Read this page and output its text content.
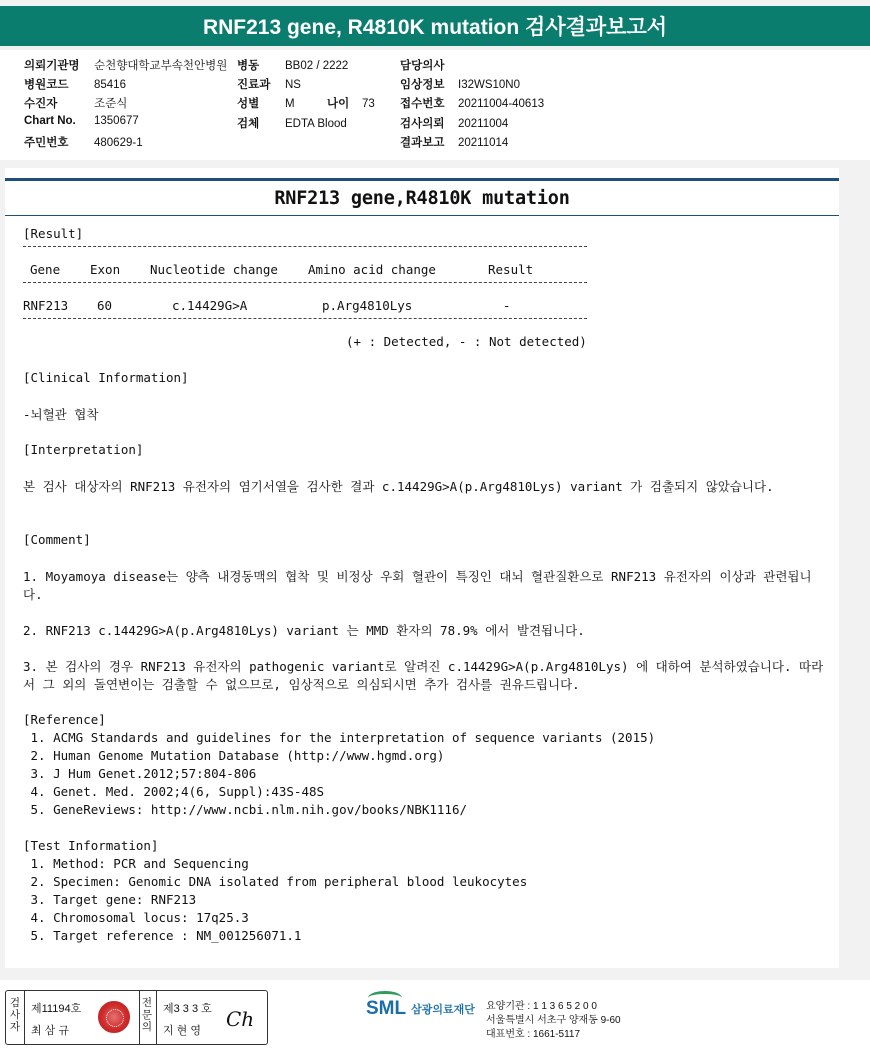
RNF213 gene, R4810K mutation 검사결과보고서
의뢰기관명 순천향대학교부속천안병원
병원코드 85416
수진자	조준식
Chart No. 1350677
주민번호 480629-1
병동 BB02 / 2222
진료과 NS
성별 M	나이 73
검체 EDTA Blood
담당의사
임상정보 I32WS10N0
접수번호 20211004-40613
검사의뢰 20211004
결과보고 20211014
RNF213 gene,R4810K mutation
[Result]
Gene Exon Nucleotide change Amino acid change	Result
RNF213 60	c.14429G>A	p.Arg4810Lys	-
(+ : Detected, - : Not detected)
[Clinical Information]
-뇌혈관 협착
[Interpretation]
본 검사 대상자의 RNF213 유전자의 염기서열을 검사한 결과 c.14429G>A(p.Arg4810Lys) variant 가 검출되지 않았습니다.
[Comment]
1. Moyamoya disease는 양측 내경동맥의 협착 및 비정상 우회 혈관이 특징인 대뇌 혈관질환으로 RNF213 유전자의 이상과 관련됩니다.
2. RNF213 c.14429G>A(p.Arg4810Lys) variant 는 MMD 환자의 78.9% 에서 발견됩니다.
3. 본 검사의 경우 RNF213 유전자의 pathogenic variant로 알려진 c.14429G>A(p.Arg4810Lys) 에 대하여 분석하였습니다. 따라서 그 외의 돌연변이는 검출할 수 없으므로, 임상적으로 의심되시면 추가 검사를 권유드립니다.
[Reference]
1. ACMG Standards and guidelines for the interpretation of sequence variants (2015)
2. Human Genome Mutation Database (http://www.hgmd.org)
3. J Hum Genet.2012;57:804-806
4. Genet. Med. 2002;4(6, Suppl):43S-48S
5. GeneReviews: http://www.ncbi.nlm.nih.gov/books/NBK1116/
[Test Information]
1. Method: PCR and Sequencing
2. Specimen: Genomic DNA isolated from peripheral blood leukocytes
3. Target gene: RNF213
4. Chromosomal locus: 17q25.3
5. Target reference : NM_001256071.1
검사자
제11194호
최 삼 규
전문의
제3 3 3 호
지 현 영 Ch	SML 삼광의료재단 요양기관 : 1 1 3 6 5 2 0 0
서울특별시 서초구 양재동 9-60
대표번호 : 1661-5117
